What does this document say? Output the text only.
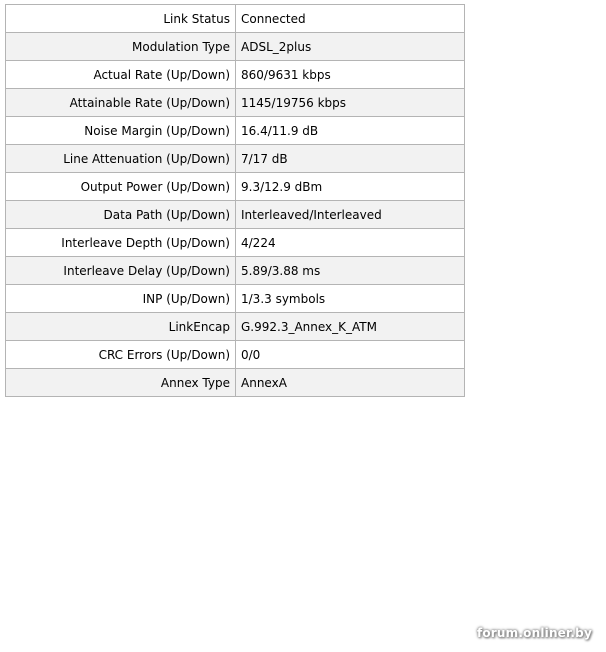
Link Status	Connected
Modulation Type	ADSL_2plus
Actual Rate (Up/Down)	860/9631 kbps
Attainable Rate (Up/Down)	1145/19756 kbps
Noise Margin (Up/Down)	16.4/11.9 dB
Line Attenuation (Up/Down)	7/17 dB
Output Power (Up/Down)	9.3/12.9 dBm
Data Path (Up/Down)	Interleaved/Interleaved
Interleave Depth (Up/Down)	4/224
Interleave Delay (Up/Down)	5.89/3.88 ms
INP (Up/Down)	1/3.3 symbols
LinkEncap	G.992.3_Annex_K_ATM
CRC Errors (Up/Down)	0/0
Annex Type	AnnexA
forum.onliner.by
